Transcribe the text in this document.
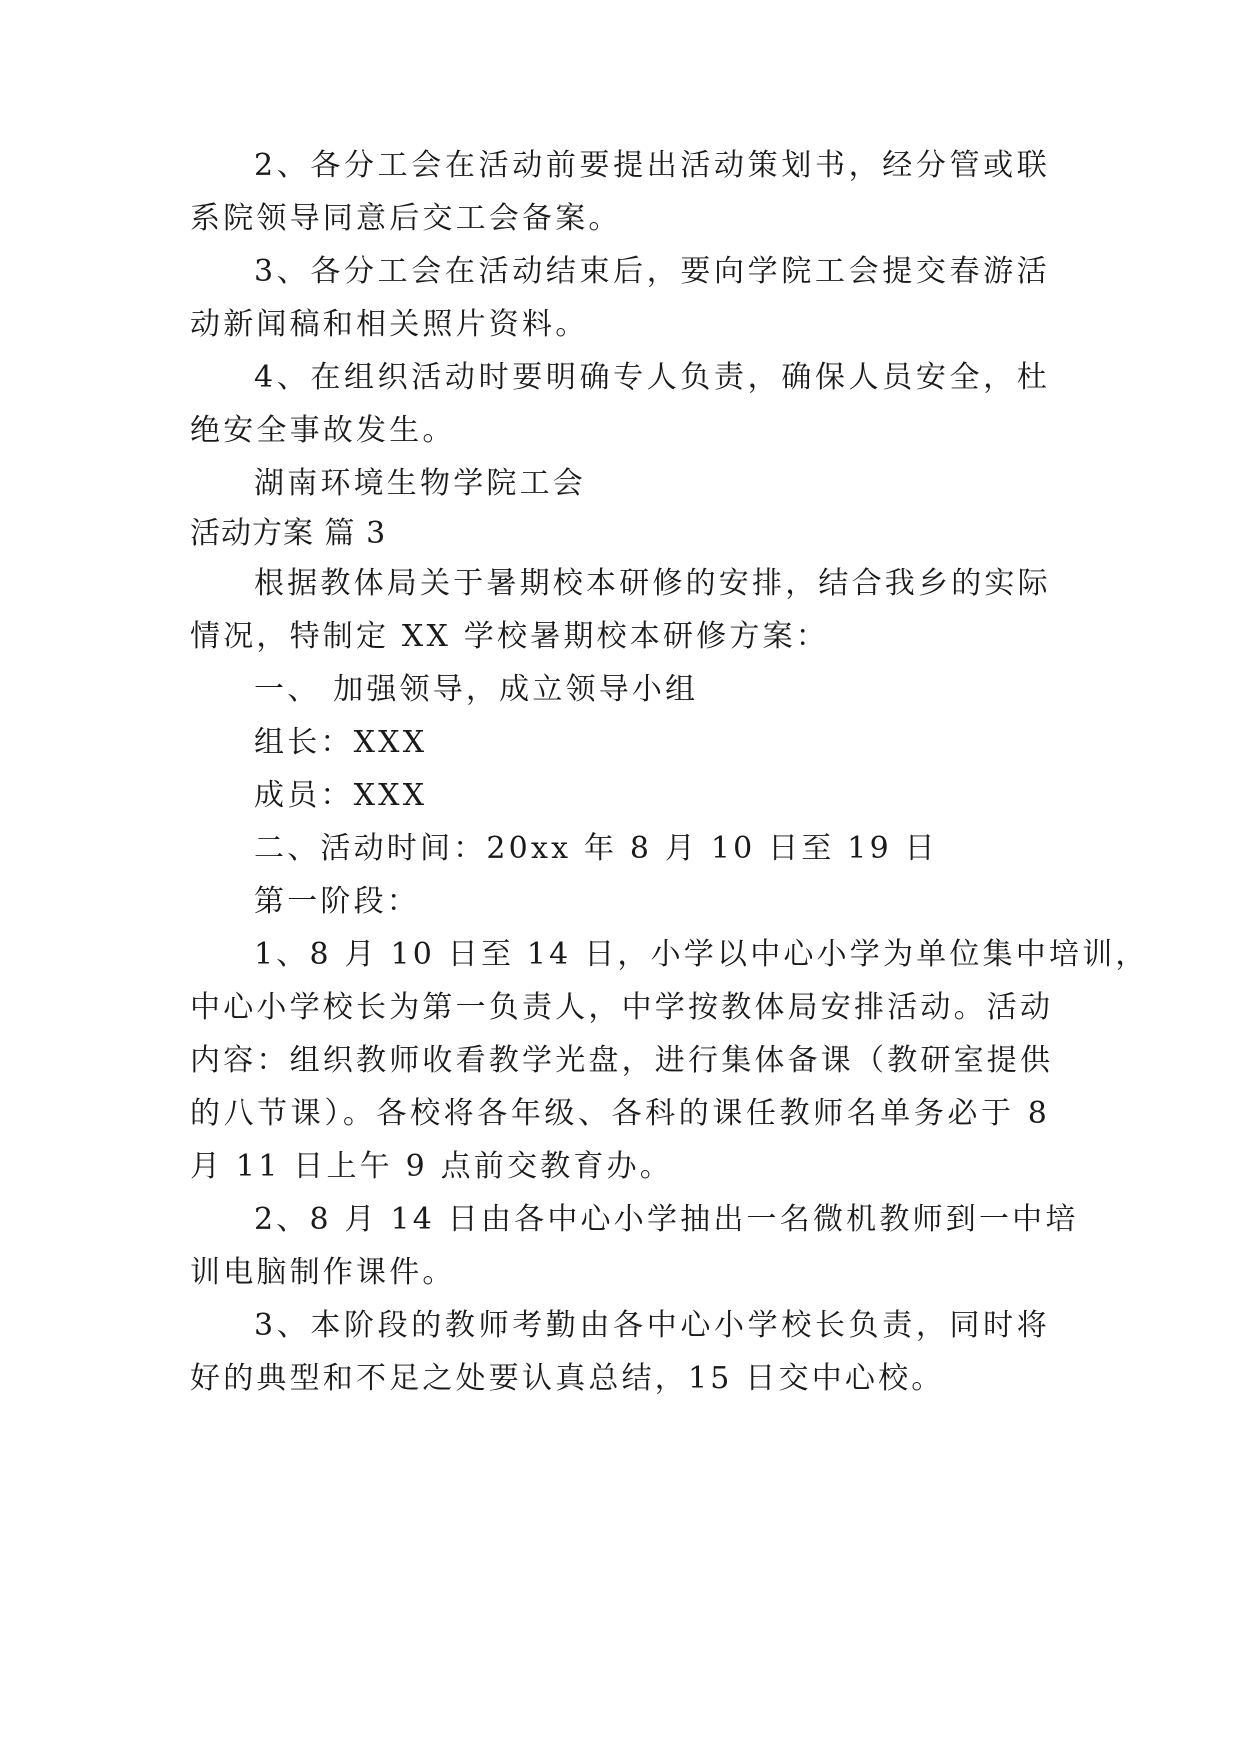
2、各分工会在活动前要提出活动策划书，经分管或联
系院领导同意后交工会备案。
3、各分工会在活动结束后，要向学院工会提交春游活
动新闻稿和相关照片资料。
4、在组织活动时要明确专人负责，确保人员安全，杜
绝安全事故发生。
湖南环境生物学院工会
活动方案 篇 3
根据教体局关于暑期校本研修的安排，结合我乡的实际
情况，特制定 XX 学校暑期校本研修方案：
一、 加强领导，成立领导小组
组长：XXX
成员：XXX
二、活动时间：20xx 年 8 月 10 日至 19 日
第一阶段：
1、8 月 10 日至 14 日，小学以中心小学为单位集中培训，
中心小学校长为第一负责人，中学按教体局安排活动。活动
内容：组织教师收看教学光盘，进行集体备课（教研室提供
的八节课）。各校将各年级、各科的课任教师名单务必于 8
月 11 日上午 9 点前交教育办。
2、8 月 14 日由各中心小学抽出一名微机教师到一中培
训电脑制作课件。
3、本阶段的教师考勤由各中心小学校长负责，同时将
好的典型和不足之处要认真总结，15 日交中心校。
